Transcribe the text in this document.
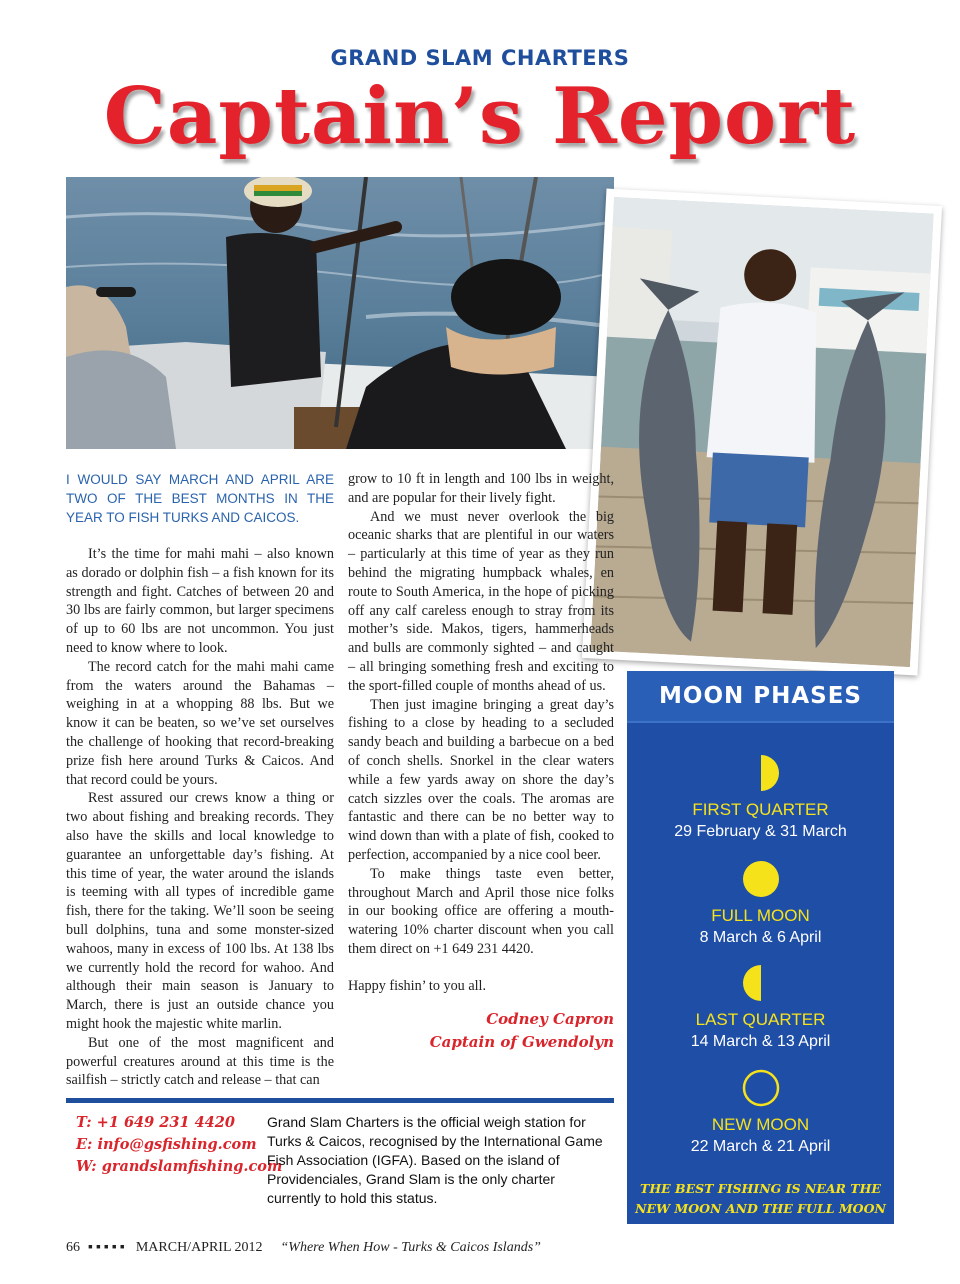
GRAND SLAM CHARTERS
Captain’s Report

I WOULD SAY MARCH AND APRIL ARE TWO OF THE BEST MONTHS IN THE YEAR TO FISH TURKS AND CAICOS.

It’s the time for mahi mahi – also known as dorado or dolphin fish – a fish known for its strength and fight. Catches of between 20 and 30 lbs are fairly common, but larger specimens of up to 60 lbs are not uncommon. You just need to know where to look.

The record catch for the mahi mahi came from the waters around the Bahamas – weighing in at a whopping 88 lbs. But we know it can be beaten, so we’ve set ourselves the challenge of hooking that record-breaking prize fish here around Turks & Caicos. And that record could be yours.

Rest assured our crews know a thing or two about fishing and breaking records. They also have the skills and local knowledge to guarantee an unforgettable day’s fishing. At this time of year, the water around the islands is teeming with all types of incredible game fish, there for the taking. We’ll soon be seeing bull dolphins, tuna and some monster-sized wahoos, many in excess of 100 lbs. At 138 lbs we currently hold the record for wahoo. And although their main season is January to March, there is just an outside chance you might hook the majestic white marlin.

But one of the most magnificent and powerful creatures around at this time is the sailfish – strictly catch and release – that can

grow to 10 ft in length and 100 lbs in weight, and are popular for their lively fight.

And we must never overlook the big oceanic sharks that are plentiful in our waters – particularly at this time of year as they run behind the migrating humpback whales, en route to South America, in the hope of picking off any calf careless enough to stray from its mother’s side. Makos, tigers, hammerheads and bulls are commonly sighted – and caught – all bringing something fresh and exciting to the sport-filled couple of months ahead of us.

Then just imagine bringing a great day’s fishing to a close by heading to a secluded sandy beach and building a barbecue on a bed of conch shells. Snorkel in the clear waters while a few yards away on shore the day’s catch sizzles over the coals. The aromas are fantastic and there can be no better way to wind down than with a plate of fish, cooked to perfection, accompanied by a nice cool beer.

To make things taste even better, throughout March and April those nice folks in our booking office are offering a mouth-watering 10% charter discount when you call them direct on +1 649 231 4420.

Happy fishin’ to you all.

Codney Capron
Captain of Gwendolyn
T: +1 649 231 4420
E: info@gsfishing.com
W: grandslamfishing.com
Grand Slam Charters is the official weigh station for Turks & Caicos, recognised by the International Game Fish Association (IGFA). Based on the island of Providenciales, Grand Slam is the only charter currently to hold this status.
MOON PHASES
FIRST QUARTER
29 February & 31 March
FULL MOON
8 March & 6 April
LAST QUARTER
14 March & 13 April
NEW MOON
22 March & 21 April
THE BEST FISHING IS NEAR THE
NEW MOON AND THE FULL MOON
66 ▪▪▪▪▪ MARCH/APRIL 2012 “Where When How - Turks & Caicos Islands”
